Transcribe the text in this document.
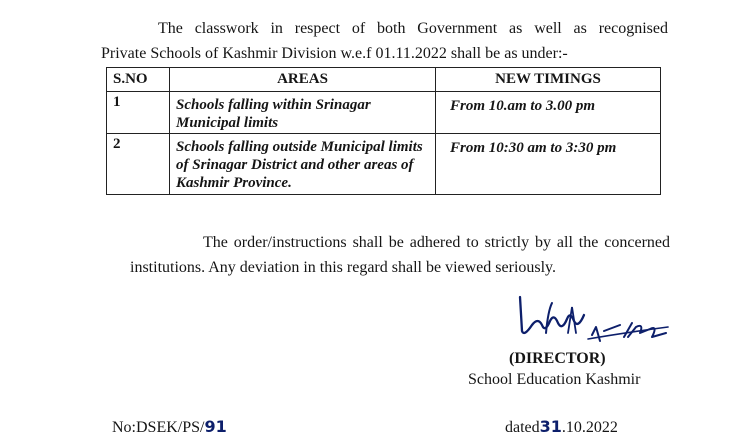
The classwork in respect of both Government as well as recognised
Private Schools of Kashmir Division w.e.f 01.11.2022 shall be as under:-
S.NO	AREAS	NEW TIMINGS
1	Schools falling within Srinagar Municipal limits	From 10.am to 3.00 pm
2	Schools falling outside Municipal limits of Srinagar District and other areas of Kashmir Province.	From 10:30 am to 3:30 pm
The order/instructions shall be adhered to strictly by all the concerned institutions. Any deviation in this regard shall be viewed seriously.
(DIRECTOR)
School Education Kashmir
No:DSEK/PS/91	dated31.10.2022
